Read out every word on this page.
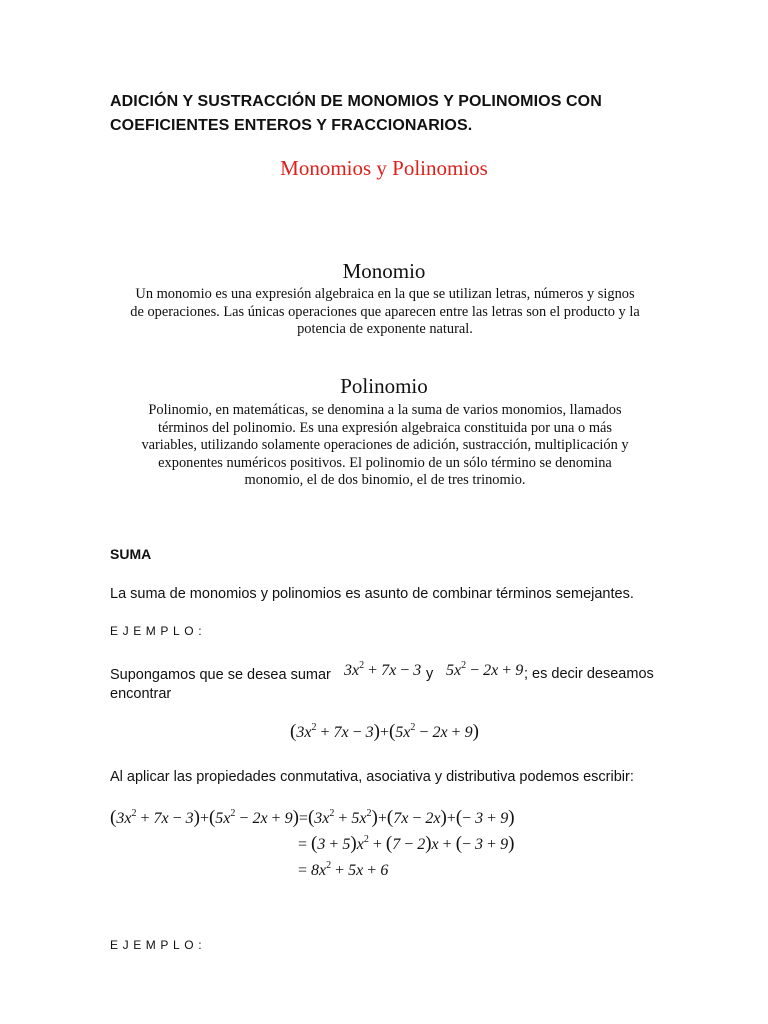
ADICIÓN Y SUSTRACCIÓN DE MONOMIOS Y POLINOMIOS CON
COEFICIENTES ENTEROS Y FRACCIONARIOS.
Monomios y Polinomios
Monomio
Un monomio es una expresión algebraica en la que se utilizan letras, números y signos
de operaciones. Las únicas operaciones que aparecen entre las letras son el producto y la
potencia de exponente natural.
Polinomio
Polinomio, en matemáticas, se denomina a la suma de varios monomios, llamados
términos del polinomio. Es una expresión algebraica constituida por una o más
variables, utilizando solamente operaciones de adición, sustracción, multiplicación y
exponentes numéricos positivos. El polinomio de un sólo término se denomina
monomio, el de dos binomio, el de tres trinomio.
SUMA
La suma de monomios y polinomios es asunto de combinar términos semejantes.
EJEMPLO:
Supongamos que se desea sumar $3x^2 + 7x - 3$ y $5x^2 - 2x + 9$ ; es decir deseamos
encontrar
$(3x^2 + 7x - 3)+(5x^2 - 2x + 9)$
Al aplicar las propiedades conmutativa, asociativa y distributiva podemos escribir:
$(3x^2 + 7x - 3)+(5x^2 - 2x + 9)=(3x^2 + 5x^2)+(7x - 2x)+(- 3 + 9)$
= $(3 + 5)x^2 + (7 - 2)x$ + (− 3 + 9)
= $8x^2 + 5x + 6$
EJEMPLO:
